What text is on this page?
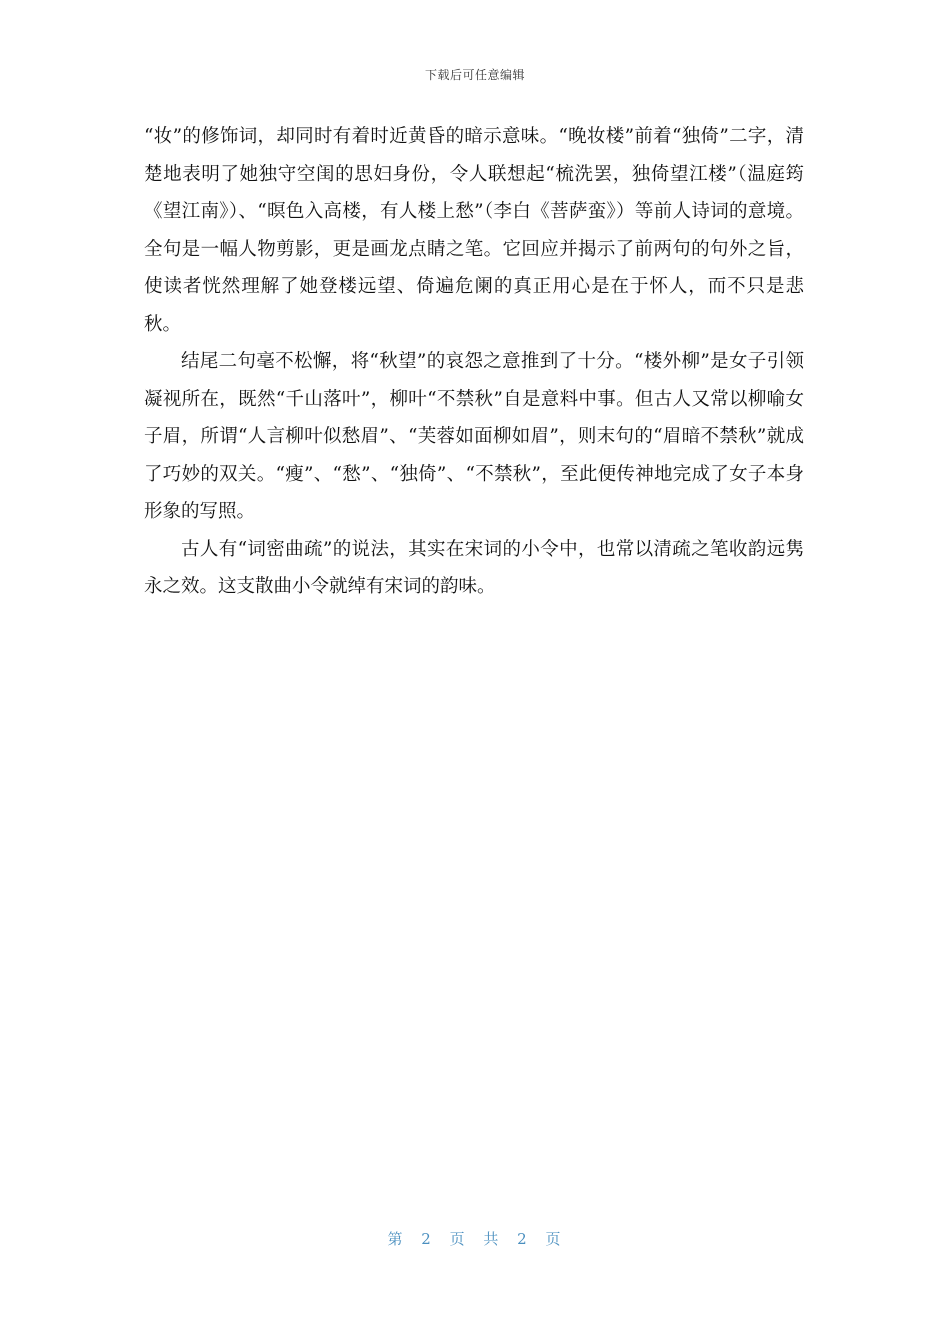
下载后可任意编辑

“妆”的修饰词，却同时有着时近黄昏的暗示意味。“晚妆楼”前着“独倚”二字，清楚地表明了她独守空闺的思妇身份，令人联想起“梳洗罢，独倚望江楼”（温庭筠《望江南》）、“暝色入高楼，有人楼上愁”（李白《菩萨蛮》）等前人诗词的意境。全句是一幅人物剪影，更是画龙点睛之笔。它回应并揭示了前两句的句外之旨，使读者恍然理解了她登楼远望、倚遍危阑的真正用心是在于怀人，而不只是悲秋。

结尾二句毫不松懈，将“秋望”的哀怨之意推到了十分。“楼外柳”是女子引领凝视所在，既然“千山落叶”，柳叶“不禁秋”自是意料中事。但古人又常以柳喻女子眉，所谓“人言柳叶似愁眉”、“芙蓉如面柳如眉”，则末句的“眉暗不禁秋”就成了巧妙的双关。“瘦”、“愁”、“独倚”、“不禁秋”，至此便传神地完成了女子本身形象的写照。

古人有“词密曲疏”的说法，其实在宋词的小令中，也常以清疏之笔收韵远隽永之效。这支散曲小令就绰有宋词的韵味。

第 2 页 共 2 页
